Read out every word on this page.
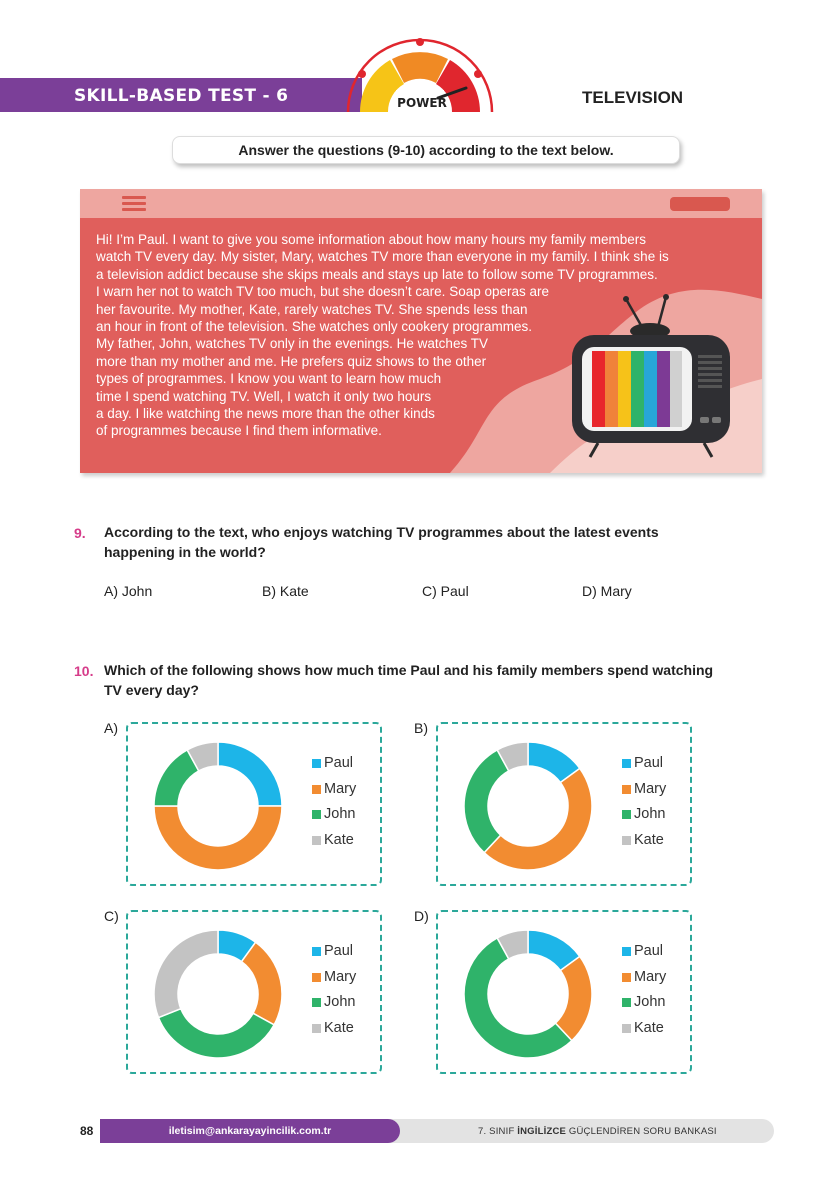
SKILL-BASED TEST - 6	POWER	TELEVISION
Answer the questions (9-10) according to the text below.
Hi! I’m Paul. I want to give you some information about how many hours my family members
watch TV every day. My sister, Mary, watches TV more than everyone in my family. I think she is
a television addict because she skips meals and stays up late to follow some TV programmes.
I warn her not to watch TV too much, but she doesn’t care. Soap operas are
her favourite. My mother, Kate, rarely watches TV. She spends less than
an hour in front of the television. She watches only cookery programmes.
My father, John, watches TV only in the evenings. He watches TV
more than my mother and me. He prefers quiz shows to the other
types of programmes. I know you want to learn how much
time I spend watching TV. Well, I watch it only two hours
a day. I like watching the news more than the other kinds
of programmes because I find them informative.
9. According to the text, who enjoys watching TV programmes about the latest events
happening in the world?
A) John	B) Kate	C) Paul	D) Mary
10. Which of the following shows how much time Paul and his family members spend watching
TV every day?
A)	B)
C)	D)
Paul
Mary
John
Kate
Paul
Mary
John
Kate
Paul
Mary
John
Kate
Paul
Mary
John
Kate
88	iletisim@ankarayayincilik.com.tr	7. SINIF İNGİLİZCE GÜÇLENDİREN SORU BANKASI
